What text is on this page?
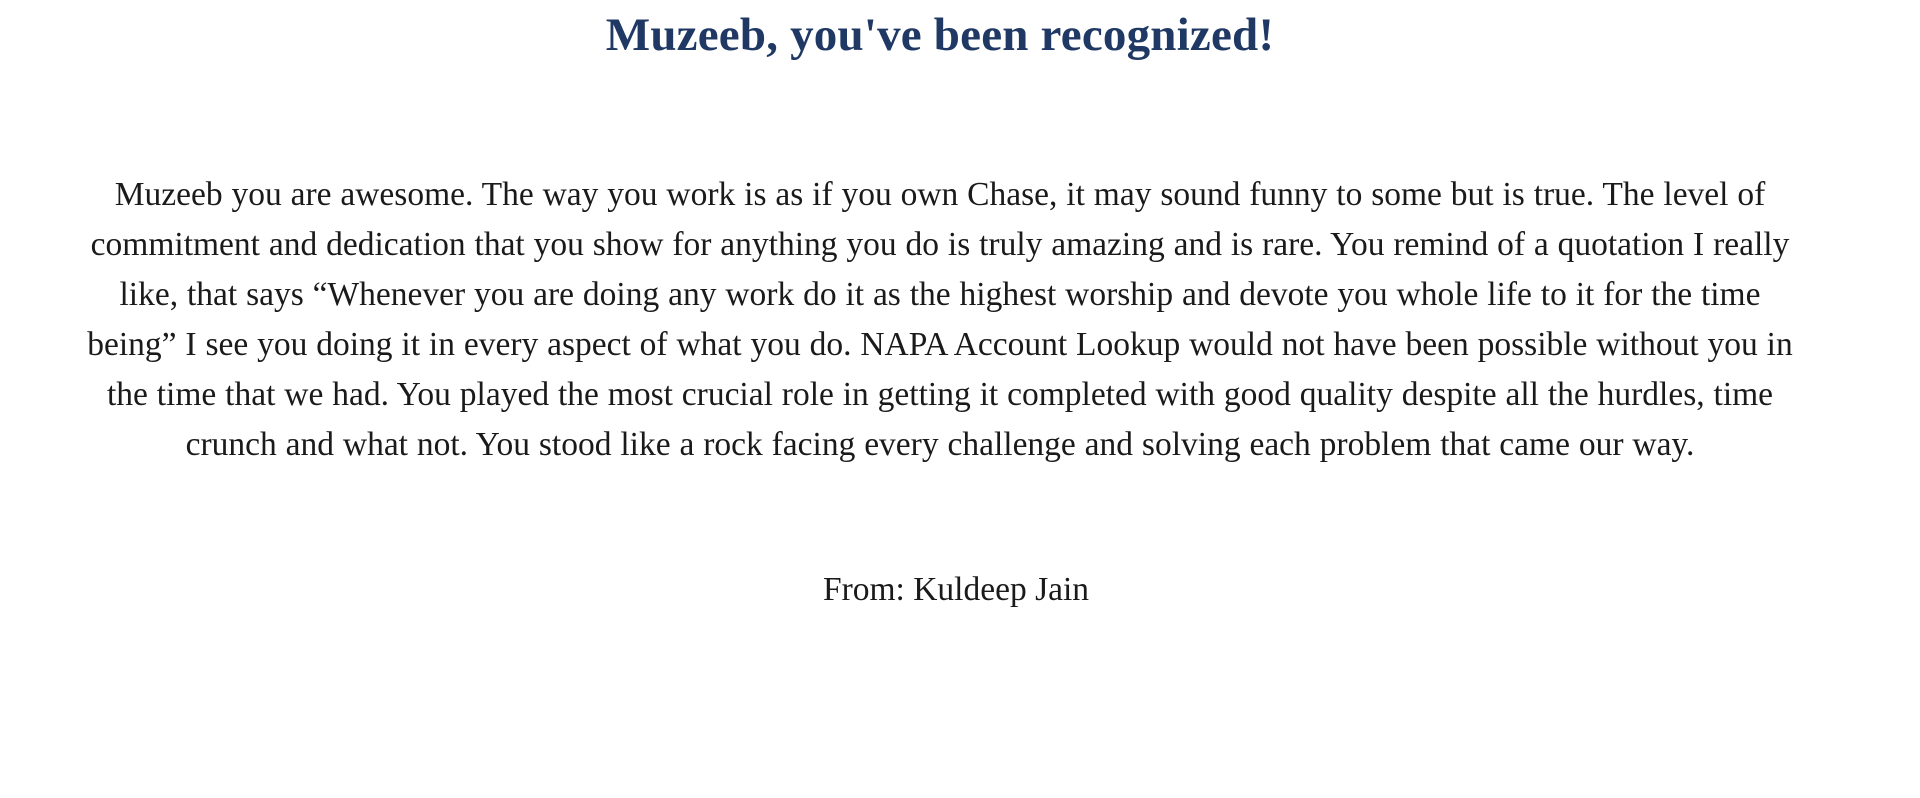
Muzeeb, you've been recognized!

Muzeeb you are awesome. The way you work is as if you own Chase, it may sound funny to some but is true. The level of commitment and dedication that you show for anything you do is truly amazing and is rare. You remind of a quotation I really like, that says “Whenever you are doing any work do it as the highest worship and devote you whole life to it for the time being” I see you doing it in every aspect of what you do. NAPA Account Lookup would not have been possible without you in the time that we had. You played the most crucial role in getting it completed with good quality despite all the hurdles, time crunch and what not. You stood like a rock facing every challenge and solving each problem that came our way.

From: Kuldeep Jain
